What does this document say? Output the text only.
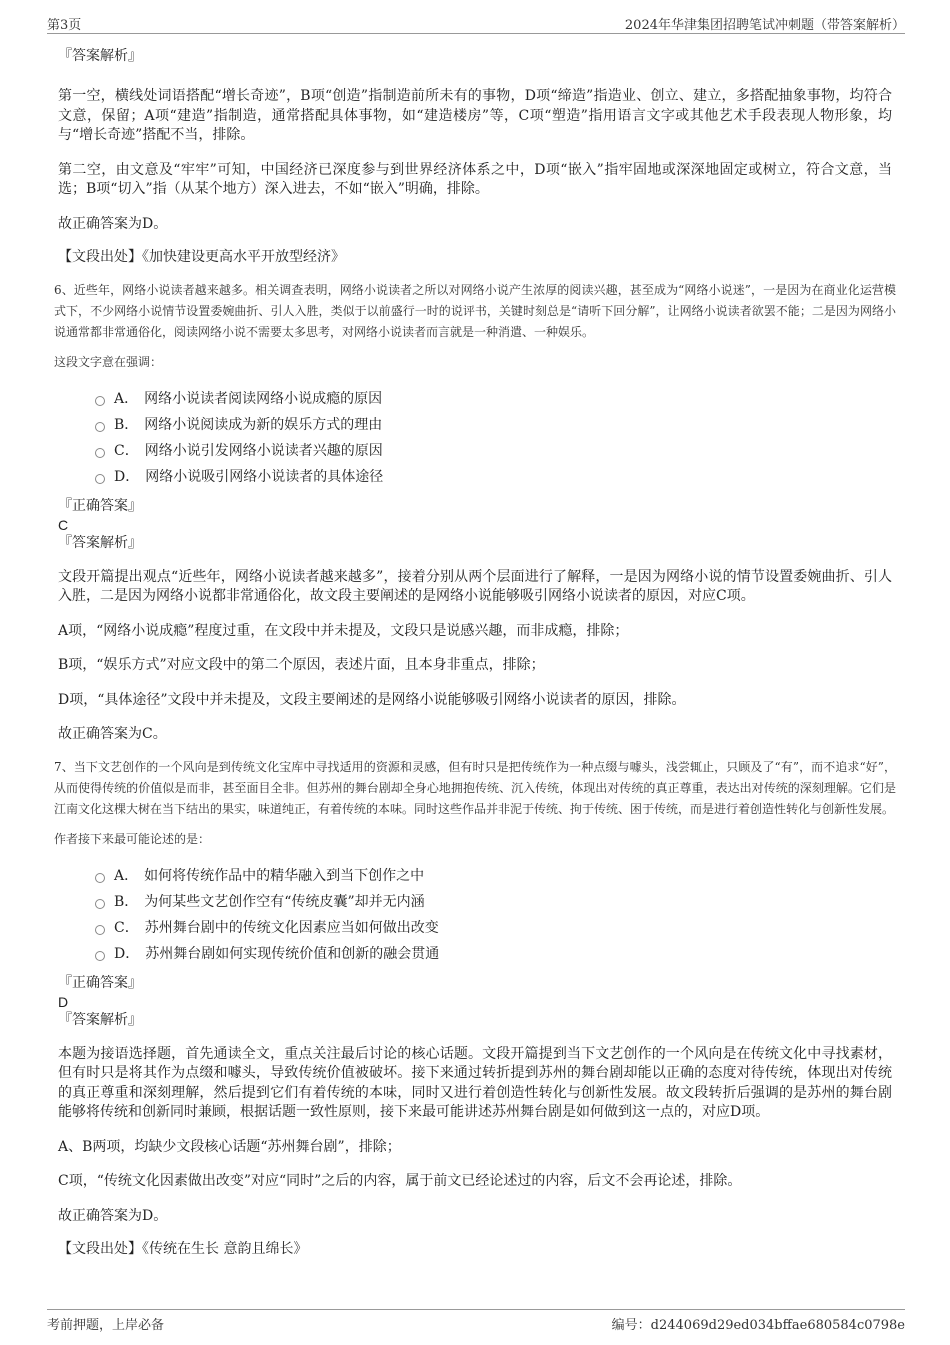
第3页	2024年华津集团招聘笔试冲刺题（带答案解析）
『答案解析』
第一空，横线处词语搭配“增长奇迹”，B项“创造”指制造前所未有的事物，D项“缔造”指造业、创立、建立，多搭配抽象事物，均符合文意，保留；A项“建造”指制造，通常搭配具体事物，如“建造楼房”等，C项“塑造”指用语言文字或其他艺术手段表现人物形象，均与“增长奇迹”搭配不当，排除。
第二空，由文意及“牢牢”可知，中国经济已深度参与到世界经济体系之中，D项“嵌入”指牢固地或深深地固定或树立，符合文意，当选；B项“切入”指（从某个地方）深入进去，不如“嵌入”明确，排除。
故正确答案为D。
【文段出处】《加快建设更高水平开放型经济》
6、近些年，网络小说读者越来越多。相关调查表明，网络小说读者之所以对网络小说产生浓厚的阅读兴趣，甚至成为“网络小说迷”，一是因为在商业化运营模式下，不少网络小说情节设置委婉曲折、引人入胜，类似于以前盛行一时的说评书，关键时刻总是“请听下回分解”，让网络小说读者欲罢不能；二是因为网络小说通常都非常通俗化，阅读网络小说不需要太多思考，对网络小说读者而言就是一种消遣、一种娱乐。
这段文字意在强调：
A． 网络小说读者阅读网络小说成瘾的原因
B． 网络小说阅读成为新的娱乐方式的理由
C． 网络小说引发网络小说读者兴趣的原因
D． 网络小说吸引网络小说读者的具体途径
『正确答案』
C
『答案解析』
文段开篇提出观点“近些年，网络小说读者越来越多”，接着分别从两个层面进行了解释，一是因为网络小说的情节设置委婉曲折、引人入胜，二是因为网络小说都非常通俗化，故文段主要阐述的是网络小说能够吸引网络小说读者的原因，对应C项。
A项，“网络小说成瘾”程度过重，在文段中并未提及，文段只是说感兴趣，而非成瘾，排除；
B项，“娱乐方式”对应文段中的第二个原因，表述片面，且本身非重点，排除；
D项，“具体途径”文段中并未提及，文段主要阐述的是网络小说能够吸引网络小说读者的原因，排除。
故正确答案为C。
7、当下文艺创作的一个风向是到传统文化宝库中寻找适用的资源和灵感，但有时只是把传统作为一种点缀与噱头，浅尝辄止，只顾及了“有”，而不追求“好”，从而使得传统的价值似是而非，甚至面目全非。但苏州的舞台剧却全身心地拥抱传统、沉入传统，体现出对传统的真正尊重，表达出对传统的深刻理解。它们是江南文化这棵大树在当下结出的果实，味道纯正，有着传统的本味。同时这些作品并非泥于传统、拘于传统、困于传统，而是进行着创造性转化与创新性发展。
作者接下来最可能论述的是：
A． 如何将传统作品中的精华融入到当下创作之中
B． 为何某些文艺创作空有“传统皮囊”却并无内涵
C． 苏州舞台剧中的传统文化因素应当如何做出改变
D． 苏州舞台剧如何实现传统价值和创新的融会贯通
『正确答案』
D
『答案解析』
本题为接语选择题，首先通读全文，重点关注最后讨论的核心话题。文段开篇提到当下文艺创作的一个风向是在传统文化中寻找素材，但有时只是将其作为点缀和噱头，导致传统价值被破坏。接下来通过转折提到苏州的舞台剧却能以正确的态度对待传统，体现出对传统的真正尊重和深刻理解，然后提到它们有着传统的本味，同时又进行着创造性转化与创新性发展。故文段转折后强调的是苏州的舞台剧能够将传统和创新同时兼顾，根据话题一致性原则，接下来最可能讲述苏州舞台剧是如何做到这一点的，对应D项。
A、B两项，均缺少文段核心话题“苏州舞台剧”，排除；
C项，“传统文化因素做出改变”对应“同时”之后的内容，属于前文已经论述过的内容，后文不会再论述，排除。
故正确答案为D。
【文段出处】《传统在生长 意韵且绵长》
考前押题，上岸必备	编号：d244069d29ed034bffae680584c0798e
